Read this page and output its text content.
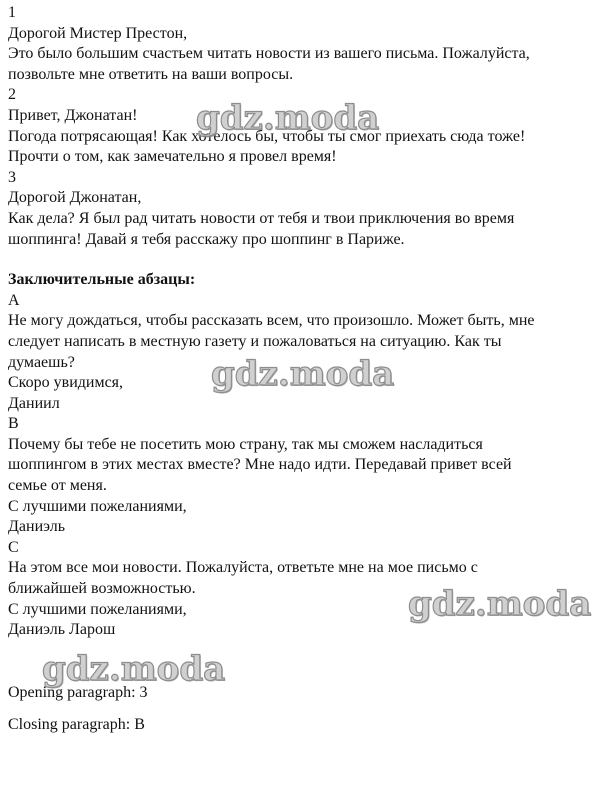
1

Дорогой Мистер Престон,

Это было большим счастьем читать новости из вашего письма. Пожалуйста,

позвольте мне ответить на ваши вопросы.

2

Привет, Джонатан!

Погода потрясающая! Как хотелось бы, чтобы ты смог приехать сюда тоже!

Прочти о том, как замечательно я провел время!

3

Дорогой Джонатан,

Как дела? Я был рад читать новости от тебя и твои приключения во время

шоппинга! Давай я тебя расскажу про шоппинг в Париже.

Заключительные абзацы:

A

Не могу дождаться, чтобы рассказать всем, что произошло. Может быть, мне

следует написать в местную газету и пожаловаться на ситуацию. Как ты

думаешь?

Скоро увидимся,

Даниил

B

Почему бы тебе не посетить мою страну, так мы сможем насладиться

шоппингом в этих местах вместе? Мне надо идти. Передавай привет всей

семье от меня.

С лучшими пожеланиями,

Даниэль

C

На этом все мои новости. Пожалуйста, ответьте мне на мое письмо с

ближайшей возможностью.

С лучшими пожеланиями,

Даниэль Ларош

Opening paragraph: 3

Closing paragraph: B

gdz.moda
gdz.moda
gdz.moda
gdz.moda
